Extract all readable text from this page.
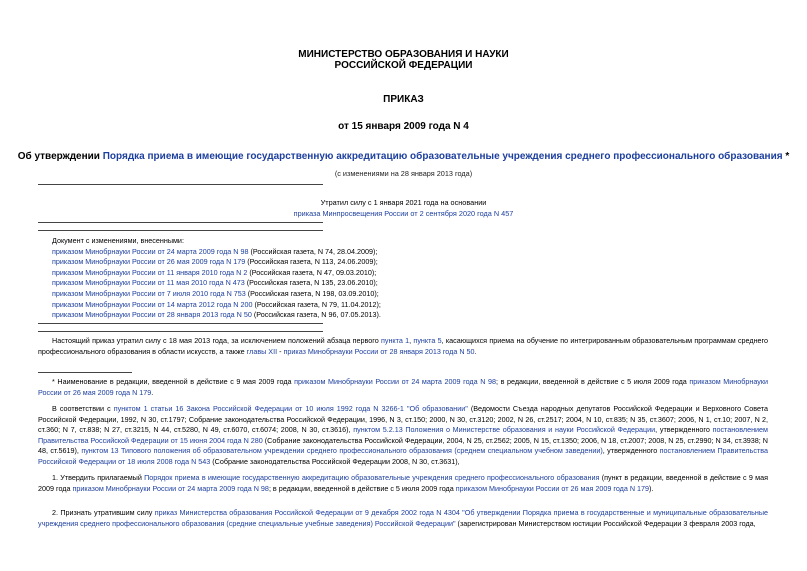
МИНИСТЕРСТВО ОБРАЗОВАНИЯ И НАУКИ
РОССИЙСКОЙ ФЕДЕРАЦИИ
ПРИКАЗ
от 15 января 2009 года N 4
Об утверждении Порядка приема в имеющие государственную аккредитацию образовательные учреждения среднего профессионального образования *
(с изменениями на 28 января 2013 года)
Утратил силу с 1 января 2021 года на основании
приказа Минпросвещения России от 2 сентября 2020 года N 457
Документ с изменениями, внесенными:
приказом Минобрнауки России от 24 марта 2009 года N 98 (Российская газета, N 74, 28.04.2009);
приказом Минобрнауки России от 26 мая 2009 года N 179 (Российская газета, N 113, 24.06.2009);
приказом Минобрнауки России от 11 января 2010 года N 2 (Российская газета, N 47, 09.03.2010);
приказом Минобрнауки России от 11 мая 2010 года N 473 (Российская газета, N 135, 23.06.2010);
приказом Минобрнауки России от 7 июля 2010 года N 753 (Российская газета, N 198, 03.09.2010);
приказом Минобрнауки России от 14 марта 2012 года N 200 (Российская газета, N 79, 11.04.2012);
приказом Минобрнауки России от 28 января 2013 года N 50 (Российская газета, N 96, 07.05.2013).
Настоящий приказ утратил силу с 18 мая 2013 года, за исключением положений абзаца первого пункта 1, пункта 5, касающихся приема на обучение по интегрированным образовательным программам среднего профессионального образования в области искусств, а также главы XII - приказ Минобрнауки России от 28 января 2013 года N 50.
* Наименование в редакции, введенной в действие с 9 мая 2009 года приказом Минобрнауки России от 24 марта 2009 года N 98; в редакции, введенной в действие с 5 июля 2009 года приказом Минобрнауки России от 26 мая 2009 года N 179.
В соответствии с пунктом 1 статьи 16 Закона Российской Федерации от 10 июля 1992 года N 3266-1 "Об образовании" (Ведомости Съезда народных депутатов Российской Федерации и Верховного Совета Российской Федерации, 1992, N 30, ст.1797; Собрание законодательства Российской Федерации, 1996, N 3, ст.150; 2000, N 30, ст.3120; 2002, N 26, ст.2517; 2004, N 10, ст.835; N 35, ст.3607; 2006, N 1, ст.10; 2007, N 2, ст.360; N 7, ст.838; N 27, ст.3215, N 44, ст.5280, N 49, ст.6070, ст.6074; 2008, N 30, ст.3616), пунктом 5.2.13 Положения о Министерстве образования и науки Российской Федерации, утвержденного постановлением Правительства Российской Федерации от 15 июня 2004 года N 280 (Собрание законодательства Российской Федерации, 2004, N 25, ст.2562; 2005, N 15, ст.1350; 2006, N 18, ст.2007; 2008, N 25, ст.2990; N 34, ст.3938; N 48, ст.5619), пунктом 13 Типового положения об образовательном учреждении среднего профессионального образования (среднем специальном учебном заведении), утвержденного постановлением Правительства Российской Федерации от 18 июля 2008 года N 543 (Собрание законодательства Российской Федерации 2008, N 30, ст.3631),
1. Утвердить прилагаемый Порядок приема в имеющие государственную аккредитацию образовательные учреждения среднего профессионального образования (пункт в редакции, введенной в действие с 9 мая 2009 года приказом Минобрнауки России от 24 марта 2009 года N 98; в редакции, введенной в действие с 5 июля 2009 года приказом Минобрнауки России от 26 мая 2009 года N 179).
2. Признать утратившим силу приказ Министерства образования Российской Федерации от 9 декабря 2002 года N 4304 "Об утверждении Порядка приема в государственные и муниципальные образовательные учреждения среднего профессионального образования (средние специальные учебные заведения) Российской Федерации" (зарегистрирован Министерством юстиции Российской Федерации 3 февраля 2003 года,
